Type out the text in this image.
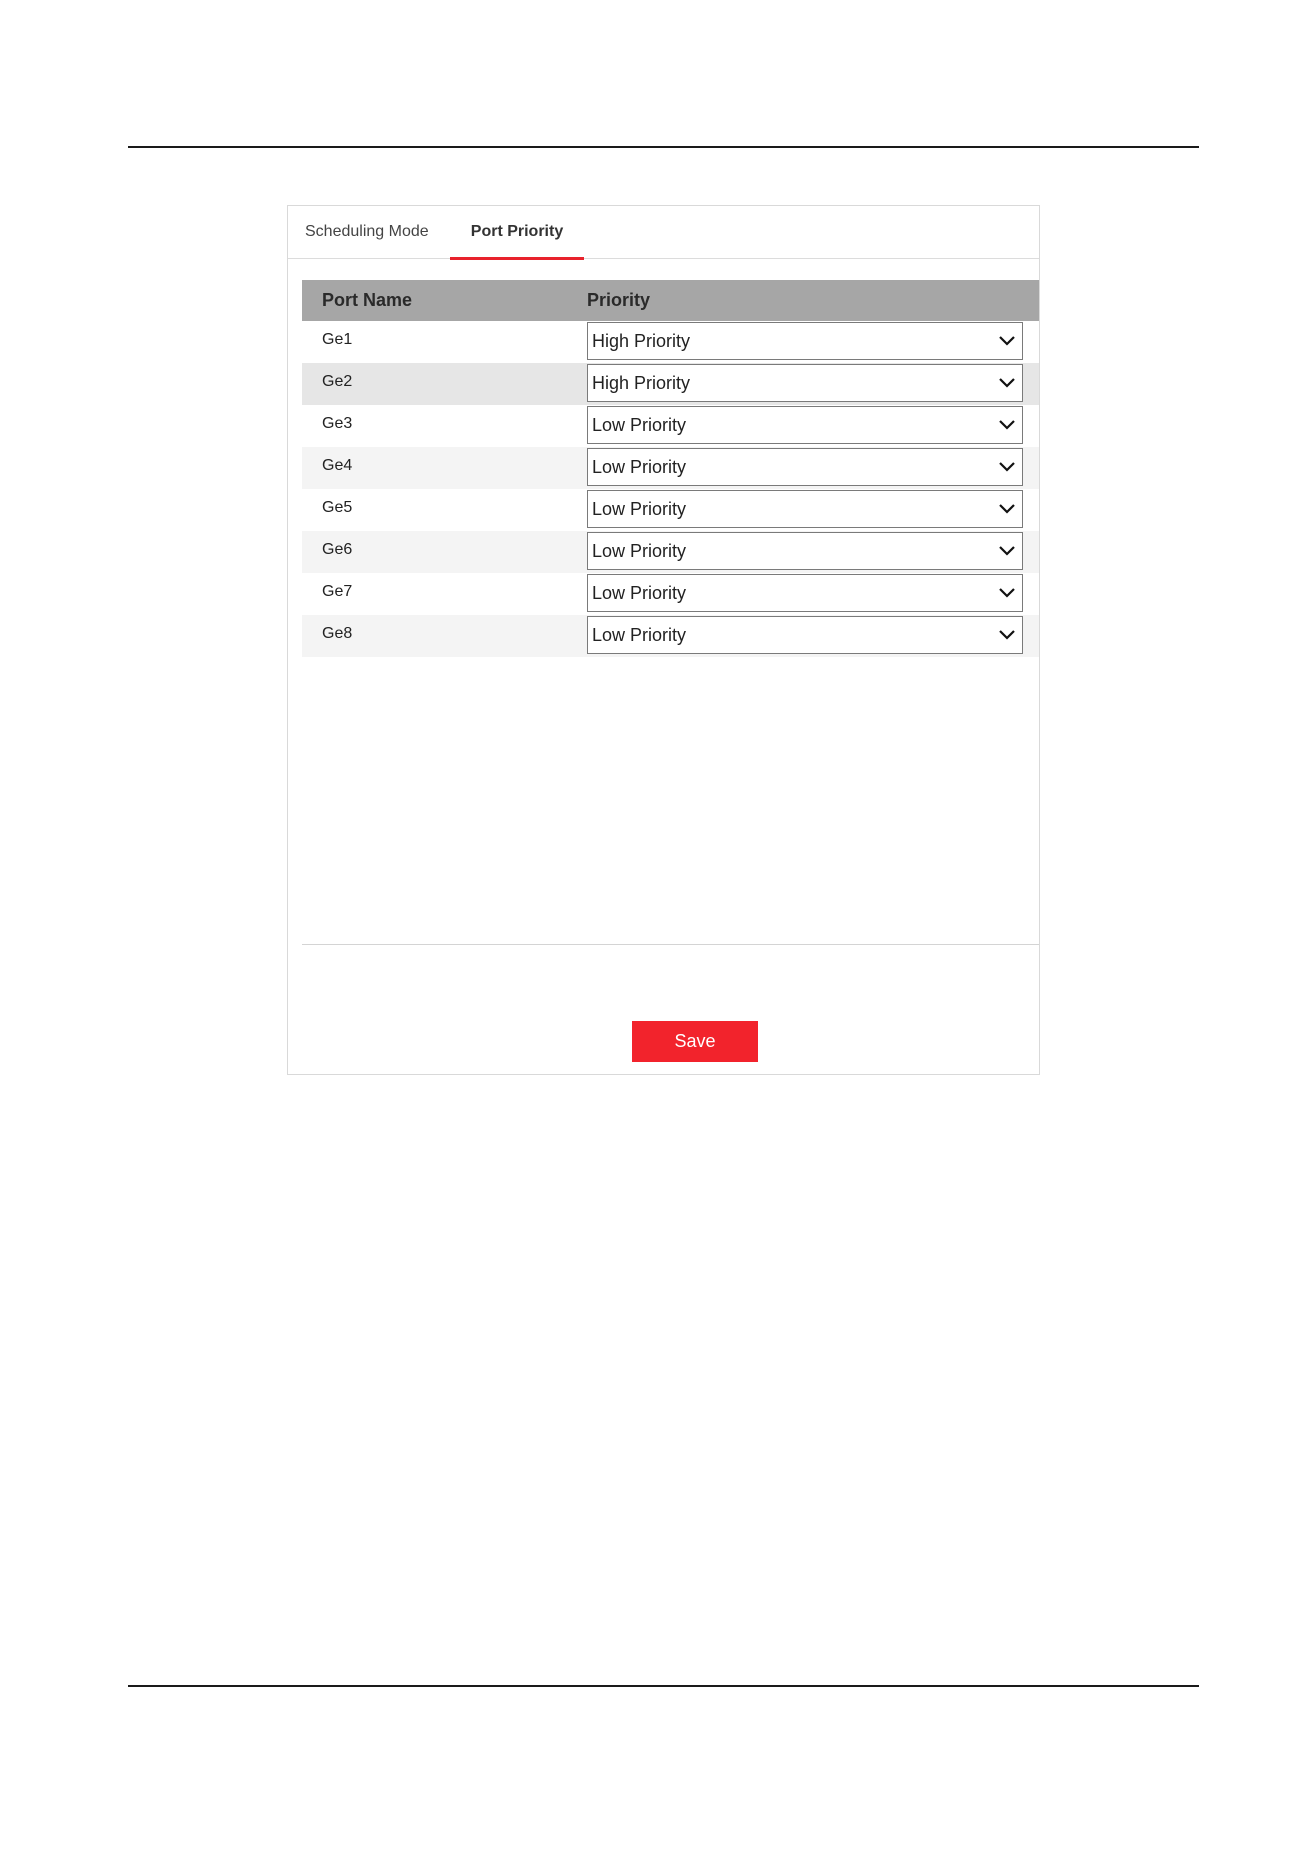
Scheduling Mode	Port Priority
Port Name	Priority
Ge1	High Priority
Ge2	High Priority
Ge3	Low Priority
Ge4	Low Priority
Ge5	Low Priority
Ge6	Low Priority
Ge7	Low Priority
Ge8	Low Priority
Save
